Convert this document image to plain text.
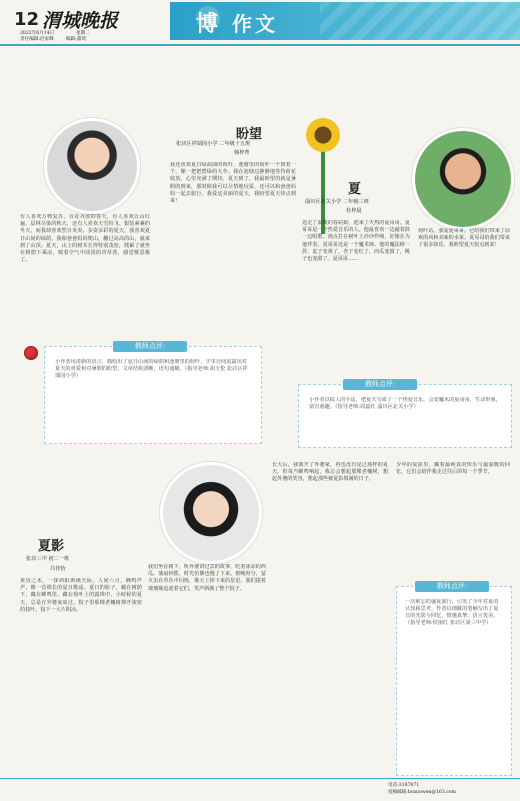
12 渭城晚报
2022年6月14日	星期二
责任编辑:迟家峰	编辑:董琦
博 作文
盼望
张店区祥瑞园小学 二年级十五班
韩梓菁
有人喜欢万物复苏、百花齐放的春天，有人喜欢万山红遍、层林尽染的秋天，还有人喜欢大雪纷飞、银装素裹的冬天，而我却喜欢烈日炎炎、多姿多彩的夏天。我喜欢夏日山间的绿荫。我和爸爸妈妈爬山，翻过高高的山，就来到了山顶。夏天，山上的树木长得特别茂密，爬累了就坐在树荫下乘凉，嗅着空气中淡淡的青草香，感觉惬意极了。
我还喜欢夏日绿油油的荷叶，池塘里的荷叶一个挨着一个，像一把把碧绿的大伞。我在池塘边静静地等待荷花绽放，心里充满了期待。夏天到了，我最盼望的就是暑假的到来，那时候我可以尽情地玩耍，还可以和爸爸妈妈一起去旅行。我爱这美丽的夏天，我盼望夏天快点到来！
夏
淄川区北关小学 二年级三班
杜梓晨
送走了温暖的春姑娘，迎来了火热的夏哥哥。夏哥哥是一个热爱音乐的人。他最喜欢一边敲着鼓一边唱歌。雨点打在树叶上沙沙作响，好像在为他伴奏。夏哥哥还是一个魔术师。他的魔法棒一挥，麦子变黄了，杏子变红了，西瓜变圆了，桃子也变甜了。夏哥哥……
荷叶站。我爱夏哥哥，它给我们带来了凉爽的风和美味的水果。夏哥哥给我们带来了很多快乐。我盼望夏天快点到来！
教师点评:
小作者用清新的语言，描绘出了夏日山间的绿荫和池塘里的荷叶，字里行间流露出对夏天的喜爱和对暑假的盼望。文章结构清晰，语句通顺。（指导老师:胡玉伦 张店区祥瑞园小学）
教师点评:
小作者以拟人的手法，把夏天写成了一个热爱音乐、会变魔术的夏哥哥，生动形象，富有童趣。（指导老师:周蕊红 淄川区北关小学）
夏影
张店三中 初二一班
吕佳怡
黄昏之末，一抹斜阳洒满天际，人间六月，蝉鸣声声，像一首绵长的夏日歌谣。夏日的影子，藏在树荫下，藏在蝉鸣里，藏在荷叶上的露珠中。小时候的夏天，总是在外婆家度过。院子里那棵老槐树撑开浓密的枝叶，投下一大片阴凉。
我们坐在树下，听外婆讲过去的故事，吃着冰凉的西瓜，蒲扇轻摇，时光仿佛也慢了下来。傍晚时分，萤火虫在草丛中闪烁，像天上掉下来的星星。我们提着玻璃瓶追逐着它们，笑声洒满了整个院子。
长大后，我离开了外婆家，再也没有见过那样的夏天。但每当蝉鸣响起，我总会想起那棵老槐树，想起外婆的笑容，想起那些被夏影填满的日子。
少年的夏影里，藏着最纯真的快乐与最温暖的回忆，它们会陪伴我走过往后的每一个季节。
教师点评:
一次难忘的盛夏旅行，引发了少年对夏的认知和思考。作者以细腻的笔触写出了夏日的光影与回忆，情感真挚，语言优美。（指导老师:侯丽红 张店区第三中学）
电话:3187871
投稿邮箱:bozuowen@163.com
